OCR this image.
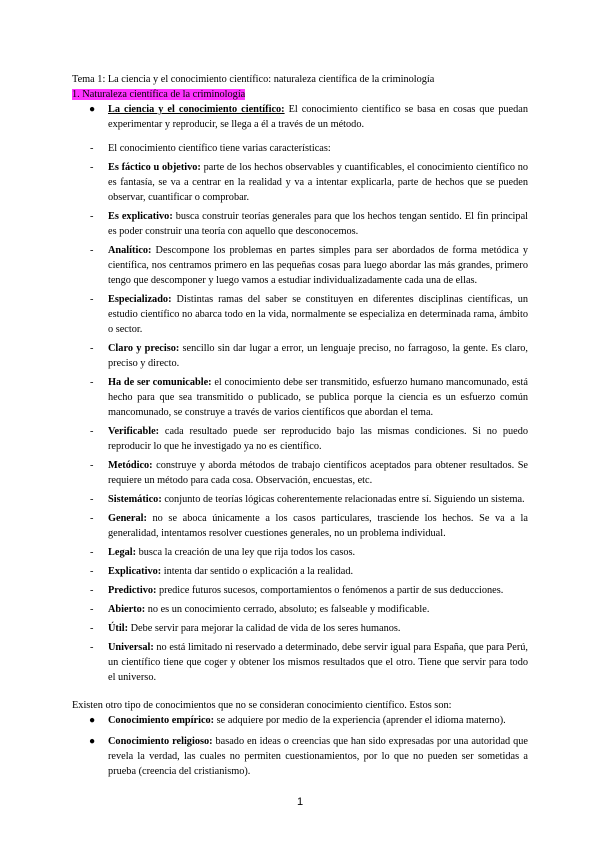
Tema 1: La ciencia y el conocimiento científico: naturaleza científica de la criminología

1. Naturaleza científica de la criminología

● La ciencia y el conocimiento científico: El conocimiento científico se basa en cosas que puedan experimentar y reproducir, se llega a él a través de un método.
- El conocimiento científico tiene varias características:
- Es fáctico u objetivo: parte de los hechos observables y cuantificables, el conocimiento científico no es fantasía, se va a centrar en la realidad y va a intentar explicarla, parte de hechos que se pueden observar, cuantificar o comprobar.
- Es explicativo: busca construir teorías generales para que los hechos tengan sentido. El fin principal es poder construir una teoría con aquello que desconocemos.
- Analítico: Descompone los problemas en partes simples para ser abordados de forma metódica y científica, nos centramos primero en las pequeñas cosas para luego abordar las más grandes, primero tengo que descomponer y luego vamos a estudiar individualizadamente cada una de ellas.
- Especializado: Distintas ramas del saber se constituyen en diferentes disciplinas científicas, un estudio científico no abarca todo en la vida, normalmente se especializa en determinada rama, ámbito o sector.
- Claro y preciso: sencillo sin dar lugar a error, un lenguaje preciso, no farragoso, la gente. Es claro, preciso y directo.
- Ha de ser comunicable: el conocimiento debe ser transmitido, esfuerzo humano mancomunado, está hecho para que sea transmitido o publicado, se publica porque la ciencia es un esfuerzo común mancomunado, se construye a través de varios científicos que abordan el tema.
- Verificable: cada resultado puede ser reproducido bajo las mismas condiciones. Si no puedo reproducir lo que he investigado ya no es científico.
- Metódico: construye y aborda métodos de trabajo científicos aceptados para obtener resultados. Se requiere un método para cada cosa. Observación, encuestas, etc.
- Sistemático: conjunto de teorías lógicas coherentemente relacionadas entre sí. Siguiendo un sistema.
- General: no se aboca únicamente a los casos particulares, trasciende los hechos. Se va a la generalidad, intentamos resolver cuestiones generales, no un problema individual.
- Legal: busca la creación de una ley que rija todos los casos.
- Explicativo: intenta dar sentido o explicación a la realidad.
- Predictivo: predice futuros sucesos, comportamientos o fenómenos a partir de sus deducciones.
- Abierto: no es un conocimiento cerrado, absoluto; es falseable y modificable.
- Útil: Debe servir para mejorar la calidad de vida de los seres humanos.
- Universal: no está limitado ni reservado a determinado, debe servir igual para España, que para Perú, un científico tiene que coger y obtener los mismos resultados que el otro. Tiene que servir para todo el universo.

Existen otro tipo de conocimientos que no se consideran conocimiento científico. Estos son:

● Conocimiento empírico: se adquiere por medio de la experiencia (aprender el idioma materno).
● Conocimiento religioso: basado en ideas o creencias que han sido expresadas por una autoridad que revela la verdad, las cuales no permiten cuestionamientos, por lo que no pueden ser sometidas a prueba (creencia del cristianismo).
1
